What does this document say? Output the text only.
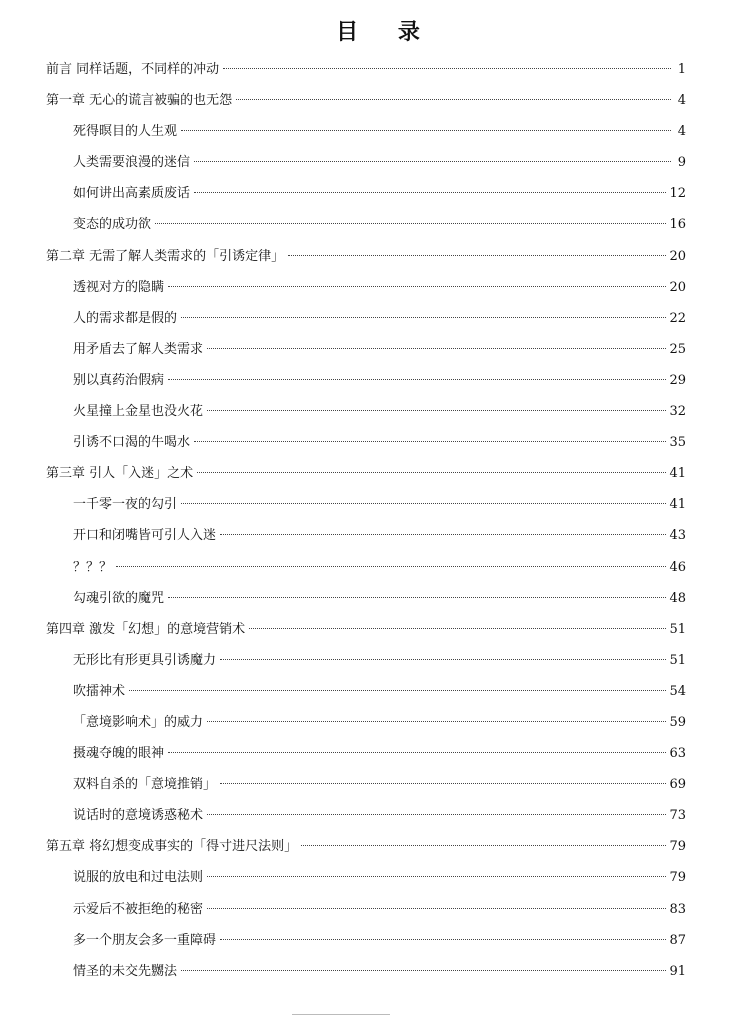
目 录
前言 同样话题，不同样的冲动	1
第一章 无心的谎言被骗的也无怨	4
死得暝目的人生观	4
人类需要浪漫的迷信	9
如何讲出高素质废话	12
变态的成功欲	16
第二章 无需了解人类需求的「引诱定律」	20
透视对方的隐瞒	20
人的需求都是假的	22
用矛盾去了解人类需求	25
别以真药治假病	29
火星撞上金星也没火花	32
引诱不口渴的牛喝水	35
第三章 引人「入迷」之术	41
一千零一夜的勾引	41
开口和闭嘴皆可引人入迷	43
？？？	46
勾魂引欲的魔咒	48
第四章 激发「幻想」的意境营销术	51
无形比有形更具引诱魔力	51
吹擂神术	54
「意境影响术」的威力	59
摄魂夺魄的眼神	63
双料自杀的「意境推销」	69
说话时的意境诱惑秘术	73
第五章 将幻想变成事实的「得寸进尺法则」	79
说服的放电和过电法则	79
示爱后不被拒绝的秘密	83
多一个朋友会多一重障碍	87
情圣的未交先嬲法	91
